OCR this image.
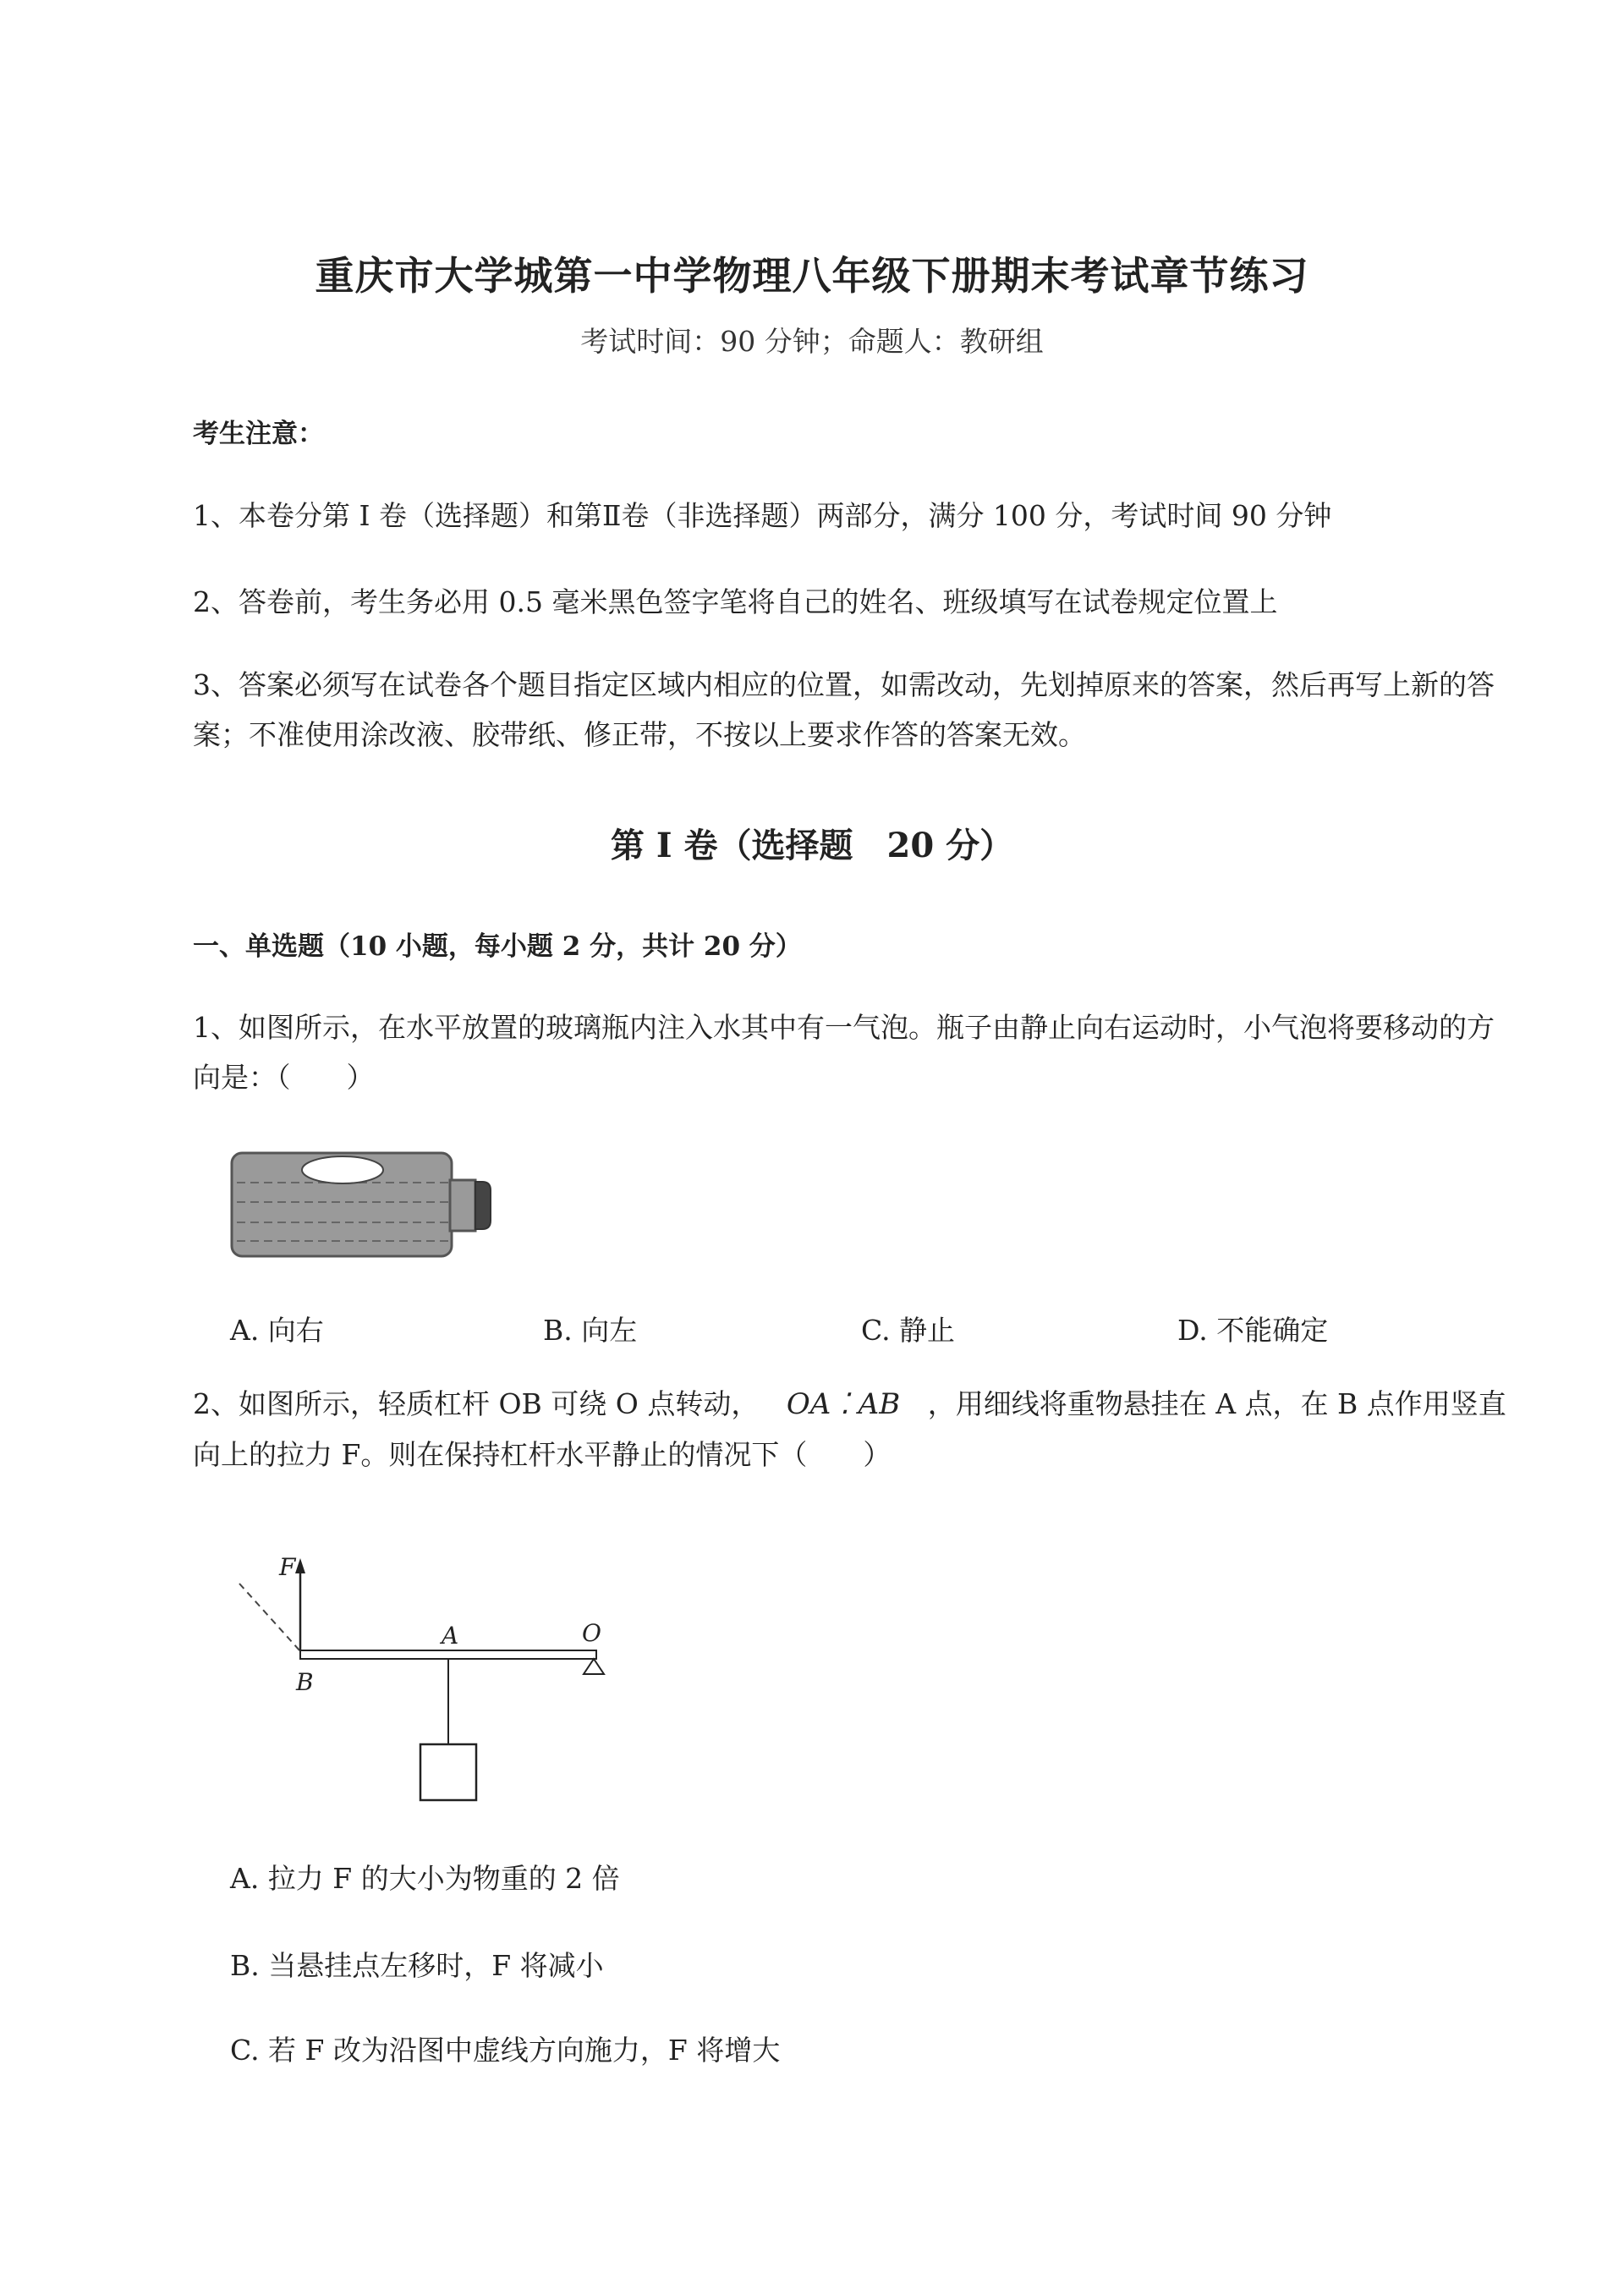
重庆市大学城第一中学物理八年级下册期末考试章节练习
考试时间：90 分钟；命题人：教研组
考生注意：
1、本卷分第 I 卷（选择题）和第Ⅱ卷（非选择题）两部分，满分 100 分，考试时间 90 分钟
2、答卷前，考生务必用 0.5 毫米黑色签字笔将自己的姓名、班级填写在试卷规定位置上
3、答案必须写在试卷各个题目指定区域内相应的位置，如需改动，先划掉原来的答案，然后再写上新的答案；不准使用涂改液、胶带纸、修正带，不按以上要求作答的答案无效。
第 I 卷（选择题　20 分）
一、单选题（10 小题，每小题 2 分，共计 20 分）
1、如图所示，在水平放置的玻璃瓶内注入水其中有一气泡。瓶子由静止向右运动时，小气泡将要移动的方向是：（　　）
A. 向右	B. 向左	C. 静止	D. 不能确定
2、如图所示，轻质杠杆 OB 可绕 O 点转动， OA ⁚ AB ，用细线将重物悬挂在 A 点，在 B 点作用竖直向上的拉力 F。则在保持杠杆水平静止的情况下（　　）
F
A	O
B
A. 拉力 F 的大小为物重的 2 倍
B. 当悬挂点左移时，F 将减小
C. 若 F 改为沿图中虚线方向施力，F 将增大
